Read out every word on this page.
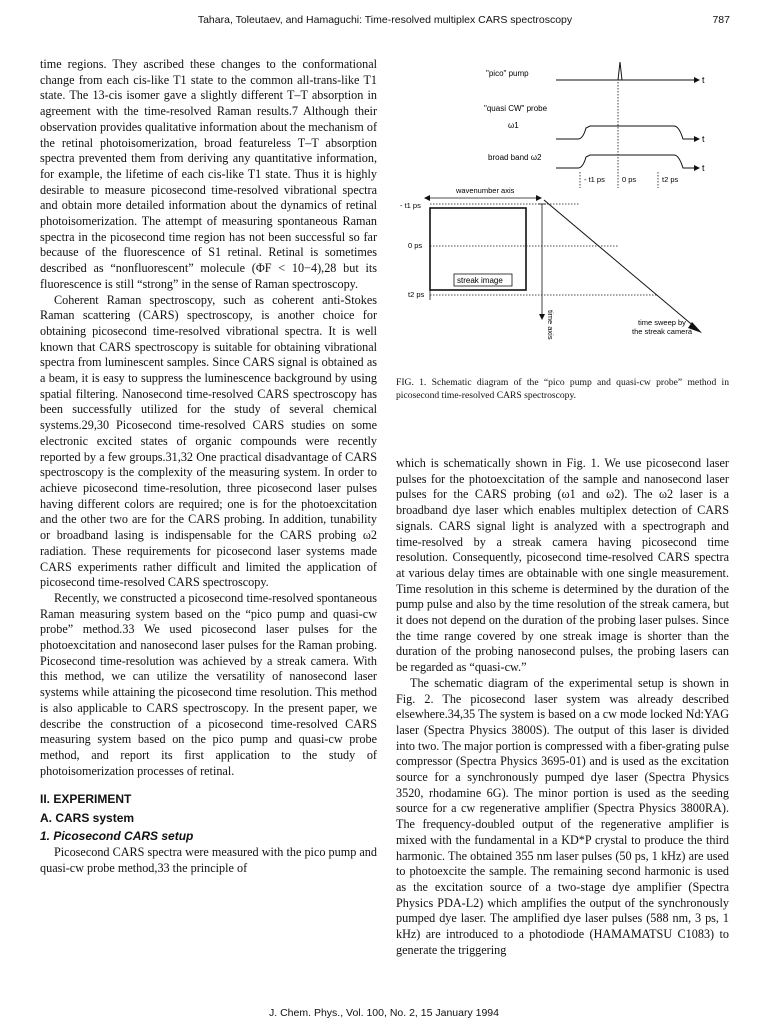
Tahara, Toleutaev, and Hamaguchi: Time-resolved multiplex CARS spectroscopy	787

time regions. They ascribed these changes to the conformational change from each cis-like T1 state to the common all-trans-like T1 state. The 13-cis isomer gave a slightly different T–T absorption in agreement with the time-resolved Raman results.7 Although their observation provides qualitative information about the mechanism of the retinal photoisomerization, broad featureless T–T absorption spectra prevented them from deriving any quantitative information, for example, the lifetime of each cis-like T1 state. Thus it is highly desirable to measure picosecond time-resolved vibrational spectra and obtain more detailed information about the dynamics of retinal photoisomerization. The attempt of measuring spontaneous Raman spectra in the picosecond time region has not been successful so far because of the fluorescence of S1 retinal. Retinal is sometimes described as “nonfluorescent” molecule (ΦF < 10−4),28 but its fluorescence is still “strong” in the sense of Raman spectroscopy.

Coherent Raman spectroscopy, such as coherent anti-Stokes Raman scattering (CARS) spectroscopy, is another choice for obtaining picosecond time-resolved vibrational spectra. It is well known that CARS spectroscopy is suitable for obtaining vibrational spectra from luminescent samples. Since CARS signal is obtained as a beam, it is easy to suppress the luminescence background by using spatial filtering. Nanosecond time-resolved CARS spectroscopy has been successfully utilized for the study of several chemical systems.29,30 Picosecond time-resolved CARS studies on some electronic excited states of organic compounds were recently reported by a few groups.31,32 One practical disadvantage of CARS spectroscopy is the complexity of the measuring system. In order to achieve picosecond time-resolution, three picosecond laser pulses having different colors are required; one is for the photoexcitation and the other two are for the CARS probing. In addition, tunability or broadband lasing is indispensable for the CARS probing ω2 radiation. These requirements for picosecond laser systems made CARS experiments rather difficult and limited the application of picosecond time-resolved CARS spectroscopy.

Recently, we constructed a picosecond time-resolved spontaneous Raman measuring system based on the “pico pump and quasi-cw probe” method.33 We used picosecond laser pulses for the photoexcitation and nanosecond laser pulses for the Raman probing. Picosecond time-resolution was achieved by a streak camera. With this method, we can utilize the versatility of nanosecond laser systems while attaining the picosecond time resolution. This method is also applicable to CARS spectroscopy. In the present paper, we describe the construction of a picosecond time-resolved CARS measuring system based on the pico pump and quasi-cw probe method, and report its first application to the study of photoisomerization processes of retinal.

II. EXPERIMENT
A. CARS system
1. Picosecond CARS setup

Picosecond CARS spectra were measured with the pico pump and quasi-cw probe method,33 the principle of

"pico" pump
t
"quasi CW" probe
ω1
t
broad band ω2
t
- t1 ps 0 ps	t2 ps
wavenumber axis
- t1 ps
0 ps
t2 ps
streak image
time axis	time sweep by
the streak camera
FIG. 1. Schematic diagram of the “pico pump and quasi-cw probe” method in picosecond time-resolved CARS spectroscopy.

which is schematically shown in Fig. 1. We use picosecond laser pulses for the photoexcitation of the sample and nanosecond laser pulses for the CARS probing (ω1 and ω2). The ω2 laser is a broadband dye laser which enables multiplex detection of CARS signals. CARS signal light is analyzed with a spectrograph and time-resolved by a streak camera having picosecond time resolution. Consequently, picosecond time-resolved CARS spectra at various delay times are obtainable with one single measurement. Time resolution in this scheme is determined by the duration of the pump pulse and also by the time resolution of the streak camera, but it does not depend on the duration of the probing laser pulses. Since the time range covered by one streak image is shorter than the duration of the probing nanosecond pulses, the probing lasers can be regarded as “quasi-cw.”

The schematic diagram of the experimental setup is shown in Fig. 2. The picosecond laser system was already described elsewhere.34,35 The system is based on a cw mode locked Nd:YAG laser (Spectra Physics 3800S). The output of this laser is divided into two. The major portion is compressed with a fiber-grating pulse compressor (Spectra Physics 3695-01) and is used as the excitation source for a synchronously pumped dye laser (Spectra Physics 3520, rhodamine 6G). The minor portion is used as the seeding source for a cw regenerative amplifier (Spectra Physics 3800RA). The frequency-doubled output of the regenerative amplifier is mixed with the fundamental in a KD*P crystal to produce the third harmonic. The obtained 355 nm laser pulses (50 ps, 1 kHz) are used to photoexcite the sample. The remaining second harmonic is used as the excitation source of a two-stage dye amplifier (Spectra Physics PDA-L2) which amplifies the output of the synchronously pumped dye laser. The amplified dye laser pulses (588 nm, 3 ps, 1 kHz) are introduced to a photodiode (HAMAMATSU C1083) to generate the triggering

J. Chem. Phys., Vol. 100, No. 2, 15 January 1994
